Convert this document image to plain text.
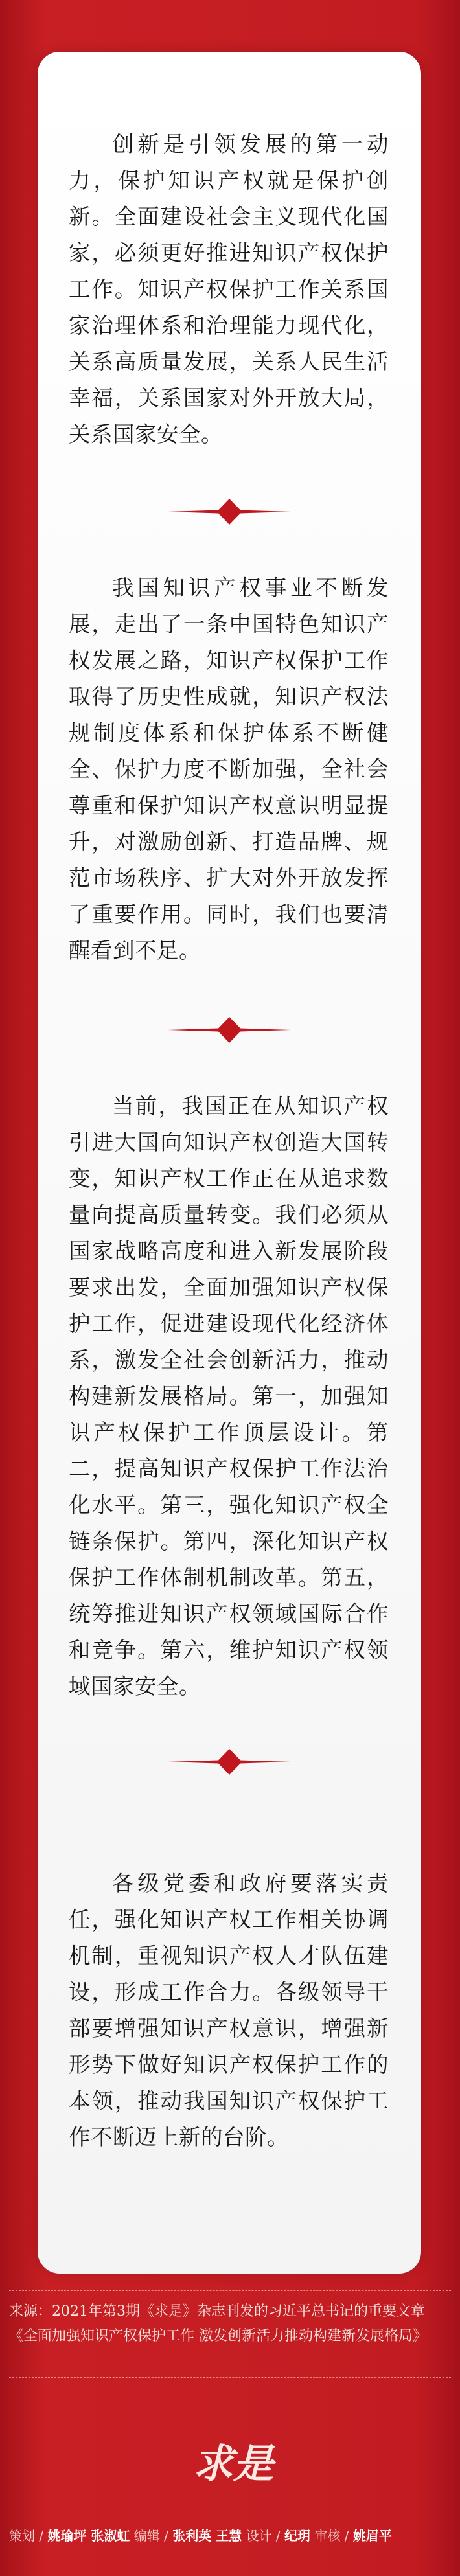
创新是引领发展的第一动力，保护知识产权就是保护创新。全面建设社会主义现代化国家，必须更好推进知识产权保护工作。知识产权保护工作关系国家治理体系和治理能力现代化，关系高质量发展，关系人民生活幸福，关系国家对外开放大局，关系国家安全。

我国知识产权事业不断发展，走出了一条中国特色知识产权发展之路，知识产权保护工作取得了历史性成就，知识产权法规制度体系和保护体系不断健全、保护力度不断加强，全社会尊重和保护知识产权意识明显提升，对激励创新、打造品牌、规范市场秩序、扩大对外开放发挥了重要作用。同时，我们也要清醒看到不足。

当前，我国正在从知识产权引进大国向知识产权创造大国转变，知识产权工作正在从追求数量向提高质量转变。我们必须从国家战略高度和进入新发展阶段要求出发，全面加强知识产权保护工作，促进建设现代化经济体系，激发全社会创新活力，推动构建新发展格局。第一，加强知识产权保护工作顶层设计。第二，提高知识产权保护工作法治化水平。第三，强化知识产权全链条保护。第四，深化知识产权保护工作体制机制改革。第五，统筹推进知识产权领域国际合作和竞争。第六，维护知识产权领域国家安全。

各级党委和政府要落实责任，强化知识产权工作相关协调机制，重视知识产权人才队伍建设，形成工作合力。各级领导干部要增强知识产权意识，增强新形势下做好知识产权保护工作的本领，推动我国知识产权保护工作不断迈上新的台阶。

来源：2021年第3期《求是》杂志刊发的习近平总书记的重要文章《全面加强知识产权保护工作 激发创新活力推动构建新发展格局》

求是
策划 / 姚瑜坪 张淑虹 编辑 / 张利英 王慧 设计 / 纪玥 审核 / 姚眉平
